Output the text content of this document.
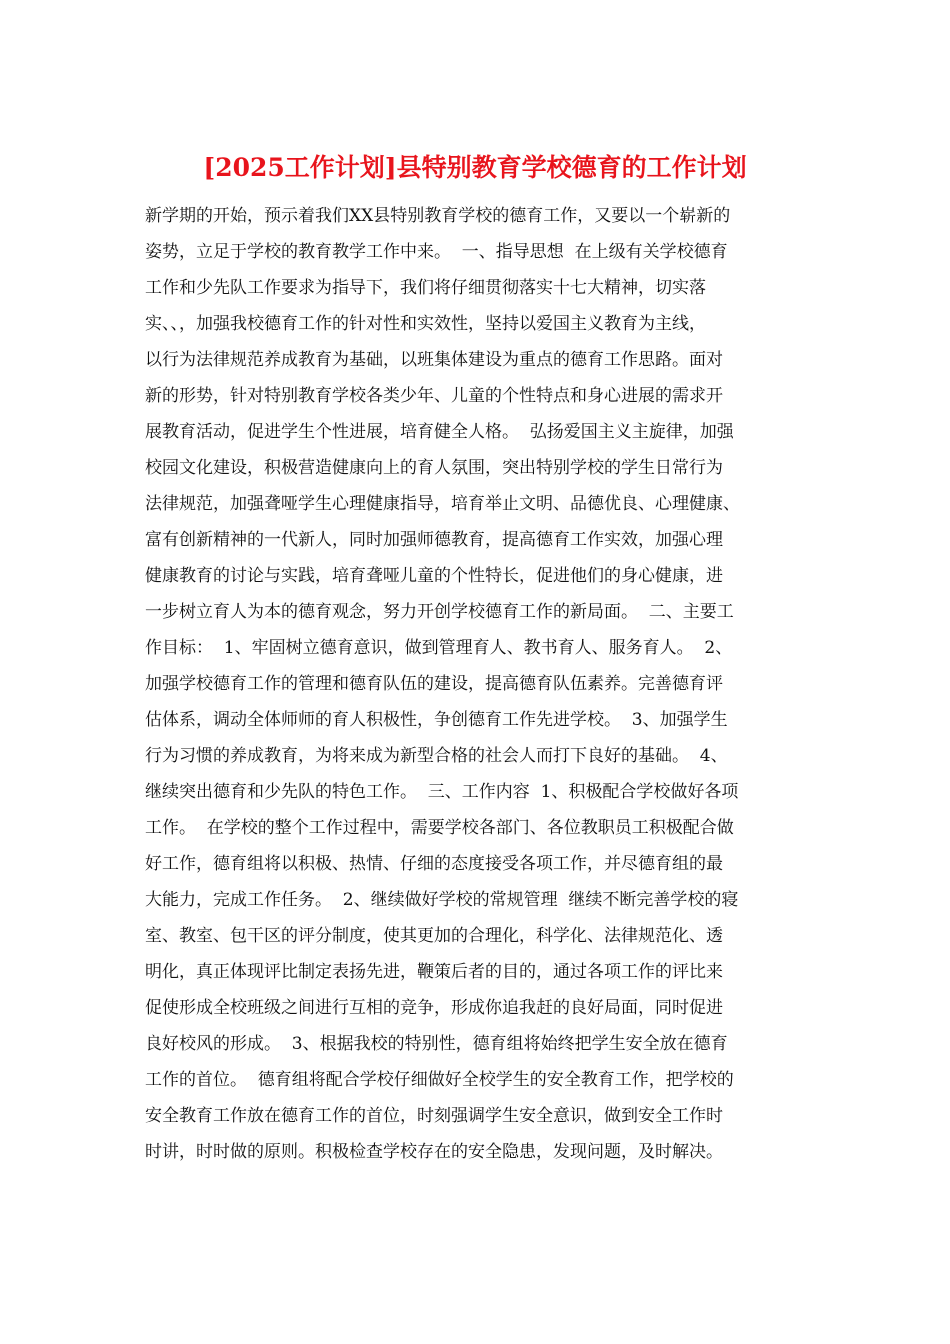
[2025工作计划]县特别教育学校德育的工作计划
新学期的开始，预示着我们XX县特别教育学校的德育工作，又要以一个崭新的
姿势，立足于学校的教育教学工作中来。  一、指导思想  在上级有关学校德育
工作和少先队工作要求为指导下，我们将仔细贯彻落实十七大精神，切实落
实、、，加强我校德育工作的针对性和实效性，坚持以爱国主义教育为主线，
以行为法律规范养成教育为基础，以班集体建设为重点的德育工作思路。面对
新的形势，针对特别教育学校各类少年、儿童的个性特点和身心进展的需求开
展教育活动，促进学生个性进展，培育健全人格。  弘扬爱国主义主旋律，加强
校园文化建设，积极营造健康向上的育人氛围，突出特别学校的学生日常行为
法律规范，加强聋哑学生心理健康指导，培育举止文明、品德优良、心理健康、
富有创新精神的一代新人，同时加强师德教育，提高德育工作实效，加强心理
健康教育的讨论与实践，培育聋哑儿童的个性特长，促进他们的身心健康，进
一步树立育人为本的德育观念，努力开创学校德育工作的新局面。  二、主要工
作目标：  1、牢固树立德育意识，做到管理育人、教书育人、服务育人。  2、
加强学校德育工作的管理和德育队伍的建设，提高德育队伍素养。完善德育评
估体系，调动全体师师的育人积极性，争创德育工作先进学校。  3、加强学生
行为习惯的养成教育，为将来成为新型合格的社会人而打下良好的基础。  4、
继续突出德育和少先队的特色工作。  三、工作内容  1、积极配合学校做好各项
工作。  在学校的整个工作过程中，需要学校各部门、各位教职员工积极配合做
好工作，德育组将以积极、热情、仔细的态度接受各项工作，并尽德育组的最
大能力，完成工作任务。  2、继续做好学校的常规管理  继续不断完善学校的寝
室、教室、包干区的评分制度，使其更加的合理化，科学化、法律规范化、透
明化，真正体现评比制定表扬先进，鞭策后者的目的，通过各项工作的评比来
促使形成全校班级之间进行互相的竞争，形成你追我赶的良好局面，同时促进
良好校风的形成。  3、根据我校的特别性，德育组将始终把学生安全放在德育
工作的首位。  德育组将配合学校仔细做好全校学生的安全教育工作，把学校的
安全教育工作放在德育工作的首位，时刻强调学生安全意识，做到安全工作时
时讲，时时做的原则。积极检查学校存在的安全隐患，发现问题，及时解决。
